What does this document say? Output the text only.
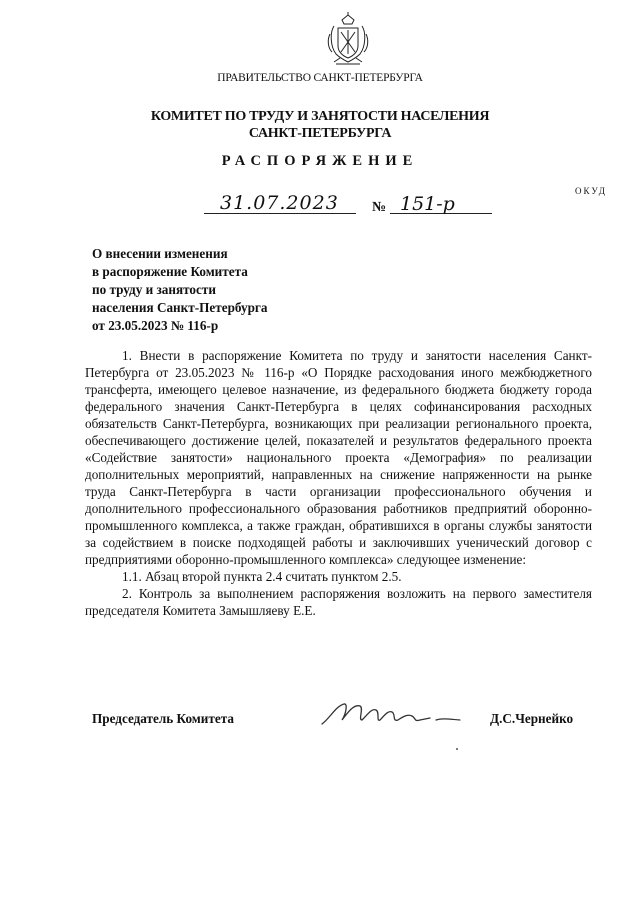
ПРАВИТЕЛЬСТВО САНКТ-ПЕТЕРБУРГА
КОМИТЕТ ПО ТРУДУ И ЗАНЯТОСТИ НАСЕЛЕНИЯ
САНКТ-ПЕТЕРБУРГА
РАСПОРЯЖЕНИЕ
ОКУД
31.07.2023 № 151-р
О внесении изменения
в распоряжение Комитета
по труду и занятости
населения Санкт-Петербурга
от 23.05.2023 № 116-р

1. Внести в распоряжение Комитета по труду и занятости населения Санкт-Петербурга от 23.05.2023 № 116-р «О Порядке расходования иного межбюджетного трансферта, имеющего целевое назначение, из федерального бюджета бюджету города федерального значения Санкт-Петербурга в целях софинансирования расходных обязательств Санкт-Петербурга, возникающих при реализации регионального проекта, обеспечивающего достижение целей, показателей и результатов федерального проекта «Содействие занятости» национального проекта «Демография» по реализации дополнительных мероприятий, направленных на снижение напряженности на рынке труда Санкт-Петербурга в части организации профессионального обучения и дополнительного профессионального образования работников предприятий оборонно-промышленного комплекса, а также граждан, обратившихся в органы службы занятости за содействием в поиске подходящей работы и заключивших ученический договор с предприятиями оборонно-промышленного комплекса» следующее изменение:

1.1. Абзац второй пункта 2.4 считать пунктом 2.5.

2. Контроль за выполнением распоряжения возложить на первого заместителя председателя Комитета Замышляеву Е.Е.

Председатель Комитета	Д.С.Чернейко
